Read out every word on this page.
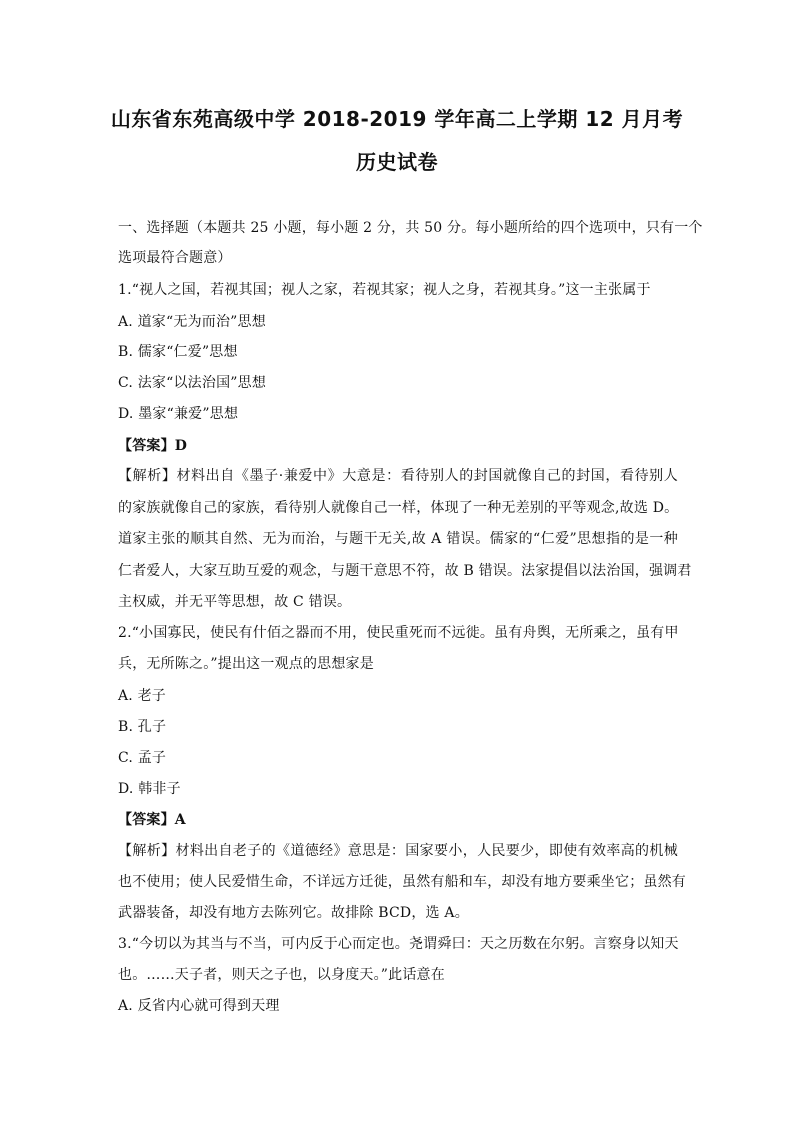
山东省东苑高级中学 2018-2019 学年高二上学期 12 月月考
历史试卷
一、选择题（本题共 25 小题，每小题 2 分，共 50 分。每小题所给的四个选项中，只有一个
选项最符合题意）
1.“视人之国，若视其国；视人之家，若视其家；视人之身，若视其身。”这一主张属于
A. 道家“无为而治”思想
B. 儒家“仁爱”思想
C. 法家“以法治国”思想
D. 墨家“兼爱”思想
【答案】D
【解析】材料出自《墨子·兼爱中》大意是：看待别人的封国就像自己的封国，看待别人
的家族就像自己的家族，看待别人就像自己一样，体现了一种无差别的平等观念,故选 D。
道家主张的顺其自然、无为而治，与题干无关,故 A 错误。儒家的“仁爱”思想指的是一种
仁者爱人，大家互助互爱的观念，与题干意思不符，故 B 错误。法家提倡以法治国，强调君
主权威，并无平等思想，故 C 错误。
2.“小国寡民，使民有什佰之器而不用，使民重死而不远徙。虽有舟舆，无所乘之，虽有甲
兵，无所陈之。”提出这一观点的思想家是
A. 老子
B. 孔子
C. 孟子
D. 韩非子
【答案】A
【解析】材料出自老子的《道德经》意思是：国家要小，人民要少，即使有效率高的机械
也不使用；使人民爱惜生命，不详远方迁徙，虽然有船和车，却没有地方要乘坐它；虽然有
武器装备，却没有地方去陈列它。故排除 BCD，选 A。
3.“今切以为其当与不当，可内反于心而定也。尧谓舜曰：天之历数在尔躬。言察身以知天
也。……天子者，则天之子也，以身度天。”此话意在
A. 反省内心就可得到天理
